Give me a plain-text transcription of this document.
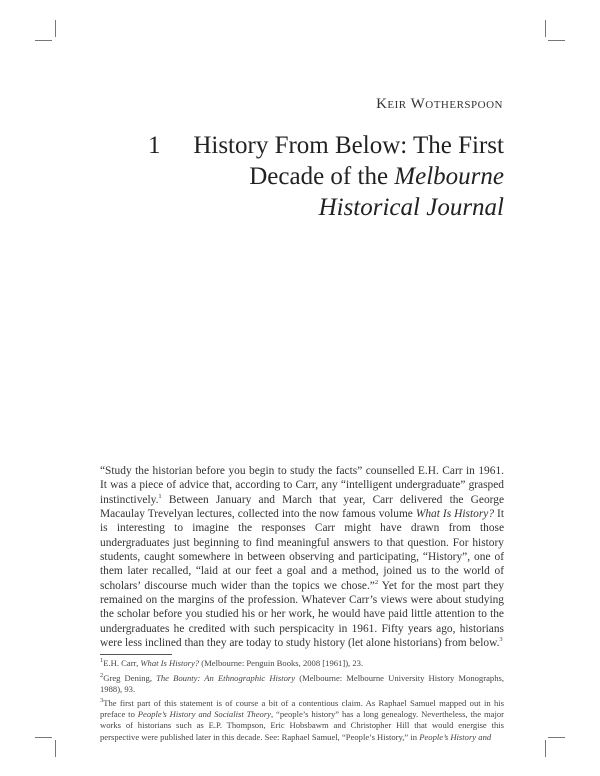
Keir Wotherspoon
1	History From Below: The First
Decade of the Melbourne Historical Journal
“Study the historian before you begin to study the facts” counselled E.H. Carr in 1961. It was a piece of advice that, according to Carr, any “intelligent undergraduate” grasped instinctively.$^1$ Between January and March that year, Carr delivered the George Macaulay Trevelyan lectures, collected into the now famous volume What Is History? It is interesting to imagine the responses Carr might have drawn from those undergraduates just beginning to find meaningful answers to that question. For history students, caught somewhere in between observing and participating, “History”, one of them later recalled, “laid at our feet a goal and a method, joined us to the world of scholars’ discourse much wider than the topics we chose.”$^2$ Yet for the most part they remained on the margins of the profession. Whatever Carr’s views were about studying the scholar before you studied his or her work, he would have paid little attention to the undergraduates he credited with such perspicacity in 1961. Fifty years ago, historians were less inclined than they are today to study history (let alone historians) from below.$^3$
$^1$E.H. Carr, What Is History? (Melbourne: Penguin Books, 2008 [1961]), 23.
$^2$Greg Dening, The Bounty: An Ethnographic History (Melbourne: Melbourne University History Monographs, 1988), 93.
$^3$The first part of this statement is of course a bit of a contentious claim. As Raphael Samuel mapped out in his preface to People’s History and Socialist Theory, “people’s history” has a long genealogy. Nevertheless, the major works of historians such as E.P. Thompson, Eric Hobsbawm and Christopher Hill that would energise this perspective were published later in this decade. See: Raphael Samuel, “People’s History,” in People’s History and
